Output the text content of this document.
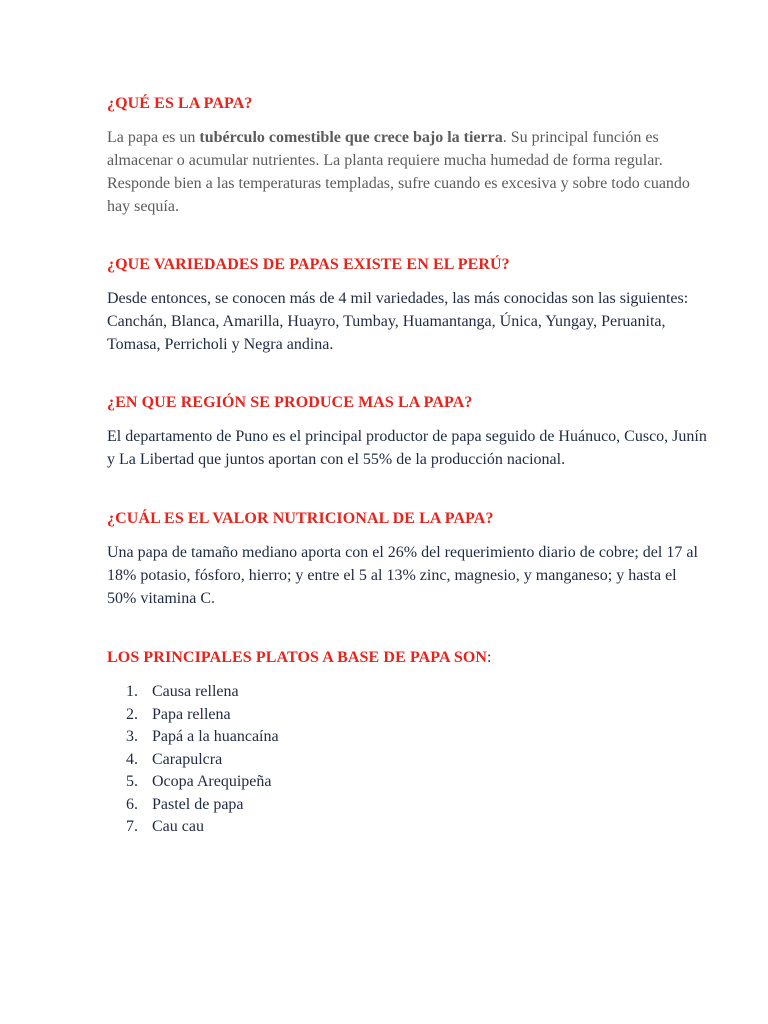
¿QUÉ ES LA PAPA?

La papa es un tubérculo comestible que crece bajo la tierra. Su principal función es almacenar o acumular nutrientes. La planta requiere mucha humedad de forma regular. Responde bien a las temperaturas templadas, sufre cuando es excesiva y sobre todo cuando hay sequía.

¿QUE VARIEDADES DE PAPAS EXISTE EN EL PERÚ?

Desde entonces, se conocen más de 4 mil variedades, las más conocidas son las siguientes: Canchán, Blanca, Amarilla, Huayro, Tumbay, Huamantanga, Única, Yungay, Peruanita, Tomasa, Perricholi y Negra andina.

¿EN QUE REGIÓN SE PRODUCE MAS LA PAPA?

El departamento de Puno es el principal productor de papa seguido de Huánuco, Cusco, Junín y La Libertad que juntos aportan con el 55% de la producción nacional.

¿CUÁL ES EL VALOR NUTRICIONAL DE LA PAPA?

Una papa de tamaño mediano aporta con el 26% del requerimiento diario de cobre; del 17 al 18% potasio, fósforo, hierro; y entre el 5 al 13% zinc, magnesio, y manganeso; y hasta el 50% vitamina C.

LOS PRINCIPALES PLATOS A BASE DE PAPA SON:
1. Causa rellena
2. Papa rellena
3. Papá a la huancaína
4. Carapulcra
5. Ocopa Arequipeña
6. Pastel de papa
7. Cau cau
